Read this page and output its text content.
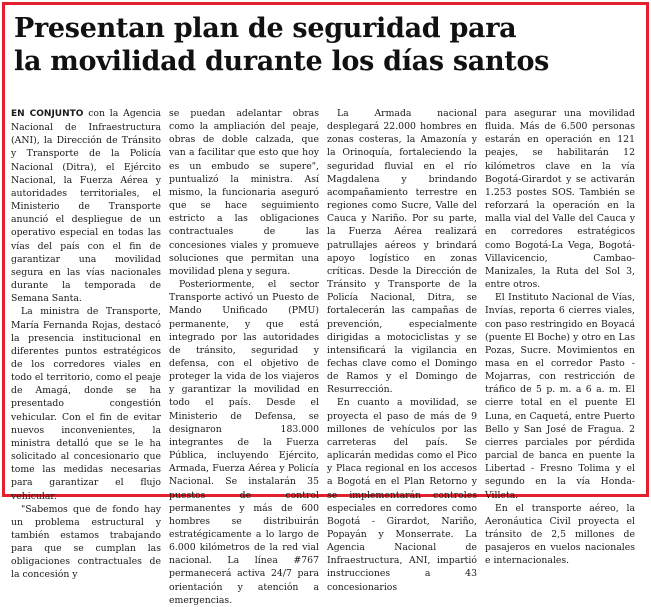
Presentan plan de seguridad para
la movilidad durante los días santos

EN CONJUNTO con la Agencia Nacional de Infraestructura (ANI), la Dirección de Tránsito y Transporte de la Policía Nacional (Ditra), el Ejército Nacional, la Fuerza Aérea y autoridades territoriales, el Ministerio de Transporte anunció el despliegue de un operativo especial en todas las vías del país con el fin de garantizar una movilidad segura en las vías nacionales durante la temporada de Semana Santa.

La ministra de Transporte, María Fernanda Rojas, destacó la presencia institucional en diferentes puntos estratégicos de los corredores viales en todo el territorio, como el peaje de Amagá, donde se ha presentado congestión vehicular. Con el fin de evitar nuevos inconvenientes, la ministra detalló que se le ha solicitado al concesionario que tome las medidas necesarias para garantizar el flujo vehicular.

"Sabemos que de fondo hay un problema estructural y también estamos trabajando para que se cumplan las obligaciones contractuales de la concesión y

se puedan adelantar obras como la ampliación del peaje, obras de doble calzada, que van a facilitar que esto que hoy es un embudo se supere", puntualizó la ministra. Así mismo, la funcionaria aseguró que se hace seguimiento estricto a las obligaciones contractuales de las concesiones viales y promueve soluciones que permitan una movilidad plena y segura.

Posteriormente, el sector Transporte activó un Puesto de Mando Unificado (PMU) permanente, y que está integrado por las autoridades de tránsito, seguridad y defensa, con el objetivo de proteger la vida de los viajeros y garantizar la movilidad en todo el país. Desde el Ministerio de Defensa, se designaron 183.000 integrantes de la Fuerza Pública, incluyendo Ejército, Armada, Fuerza Aérea y Policía Nacional. Se instalarán 35 puestos de control permanentes y más de 600 hombres se distribuirán estratégicamente a lo largo de 6.000 kilómetros de la red vial nacional. La línea #767 permanecerá activa 24/7 para orientación y atención a emergencias.

La Armada nacional desplegará 22.000 hombres en zonas costeras, la Amazonía y la Orinoquía, fortaleciendo la seguridad fluvial en el río Magdalena y brindando acompañamiento terrestre en regiones como Sucre, Valle del Cauca y Nariño. Por su parte, la Fuerza Aérea realizará patrullajes aéreos y brindará apoyo logístico en zonas críticas. Desde la Dirección de Tránsito y Transporte de la Policía Nacional, Ditra, se fortalecerán las campañas de prevención, especialmente dirigidas a motociclistas y se intensificará la vigilancia en fechas clave como el Domingo de Ramos y el Domingo de Resurrección.

En cuanto a movilidad, se proyecta el paso de más de 9 millones de vehículos por las carreteras del país. Se aplicarán medidas como el Pico y Placa regional en los accesos a Bogotá en el Plan Retorno y se implementarán controles especiales en corredores como Bogotá - Girardot, Nariño, Popayán y Monserrate. La Agencia Nacional de Infraestructura, ANI, impartió instrucciones a 43 concesionarios

para asegurar una movilidad fluida. Más de 6.500 personas estarán en operación en 121 peajes, se habilitarán 12 kilómetros clave en la vía Bogotá-Girardot y se activarán 1.253 postes SOS. También se reforzará la operación en la malla vial del Valle del Cauca y en corredores estratégicos como Bogotá-La Vega, Bogotá-Villavicencio, Cambao- Manizales, la Ruta del Sol 3, entre otros.

El Instituto Nacional de Vías, Invías, reporta 6 cierres viales, con paso restringido en Boyacá (puente El Boche) y otro en Las Pozas, Sucre. Movimientos en masa en el corredor Pasto - Mojarras, con restricción de tráfico de 5 p. m. a 6 a. m. El cierre total en el puente El Luna, en Caquetá, entre Puerto Bello y San José de Fragua. 2 cierres parciales por pérdida parcial de banca en puente la Libertad - Fresno Tolima y el segundo en la vía Honda-Villeta.

En el transporte aéreo, la Aeronáutica Civil proyecta el tránsito de 2,5 millones de pasajeros en vuelos nacionales e internacionales.
